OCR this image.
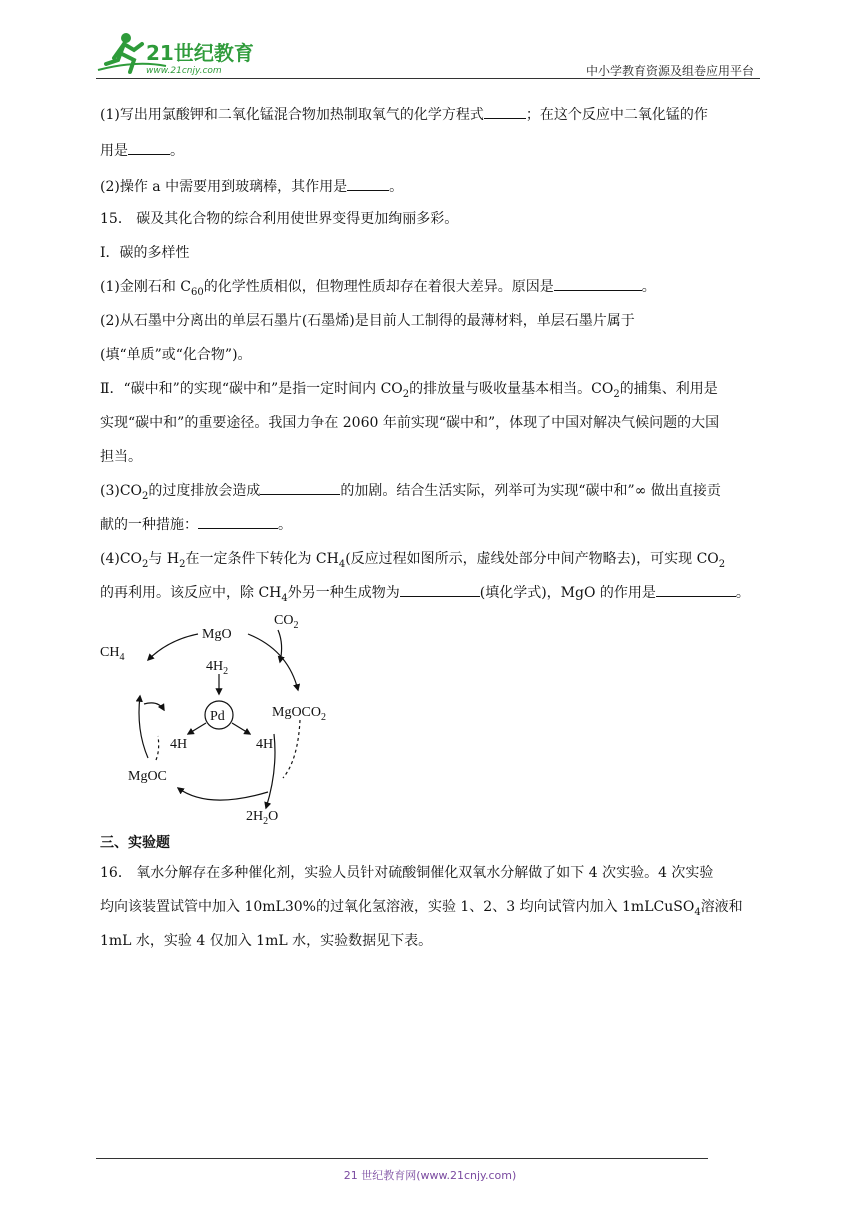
21世纪教育
www.21cnjy.com	中小学教育资源及组卷应用平台
(1)写出用氯酸钾和二氧化锰混合物加热制取氧气的化学方程式	；在这个反应中二氧化锰的作
用是	。
(2)操作 a 中需要用到玻璃棒，其作用是	。
15． 碳及其化合物的综合利用使世界变得更加绚丽多彩。
Ⅰ．碳的多样性
(1)金刚石和 $C_{60}$的化学性质相似，但物理性质却存在着很大差异。原因是	。
(2)从石墨中分离出的单层石墨片(石墨烯)是目前人工制得的最薄材料，单层石墨片属于
(填“单质”或“化合物”)。
Ⅱ．“碳中和”的实现“碳中和”是指一定时间内 $CO_2$的排放量与吸收量基本相当。$CO_2$的捕集、利用是
实现“碳中和”的重要途径。我国力争在 2060 年前实现“碳中和”，体现了中国对解决气候问题的大国
担当。
$(3)CO_2$的过度排放会造成	的加剧。结合生活实际，列举可为实现“碳中和”∞ 做出直接贡
献的一种措施：	。
$(4)CO_2$与 $H_2$在一定条件下转化为 $CH_4$(反应过程如图所示，虚线处部分中间产物略去)，可实现 $CO_2$
的再利用。该反应中，除 $CH_4$外另一种生成物为	(填化学式)，MgO 的作用是	。
$CH_4$
MgO
$CO_2$
$4H_2$
Pd	MgOCO$_2$
4H	4H
MgOC
$2H_2O$
三、实验题
16． 氧水分解存在多种催化剂，实验人员针对硫酸铜催化双氧水分解做了如下 4 次实验。4 次实验
均向该装置试管中加入 10mL30%的过氧化氢溶液，实验 1、2、3 均向试管内加入 1mLCuSO$_4$溶液和
1mL 水，实验 4 仅加入 1mL 水，实验数据见下表。
21 世纪教育网(www.21cnjy.com)
